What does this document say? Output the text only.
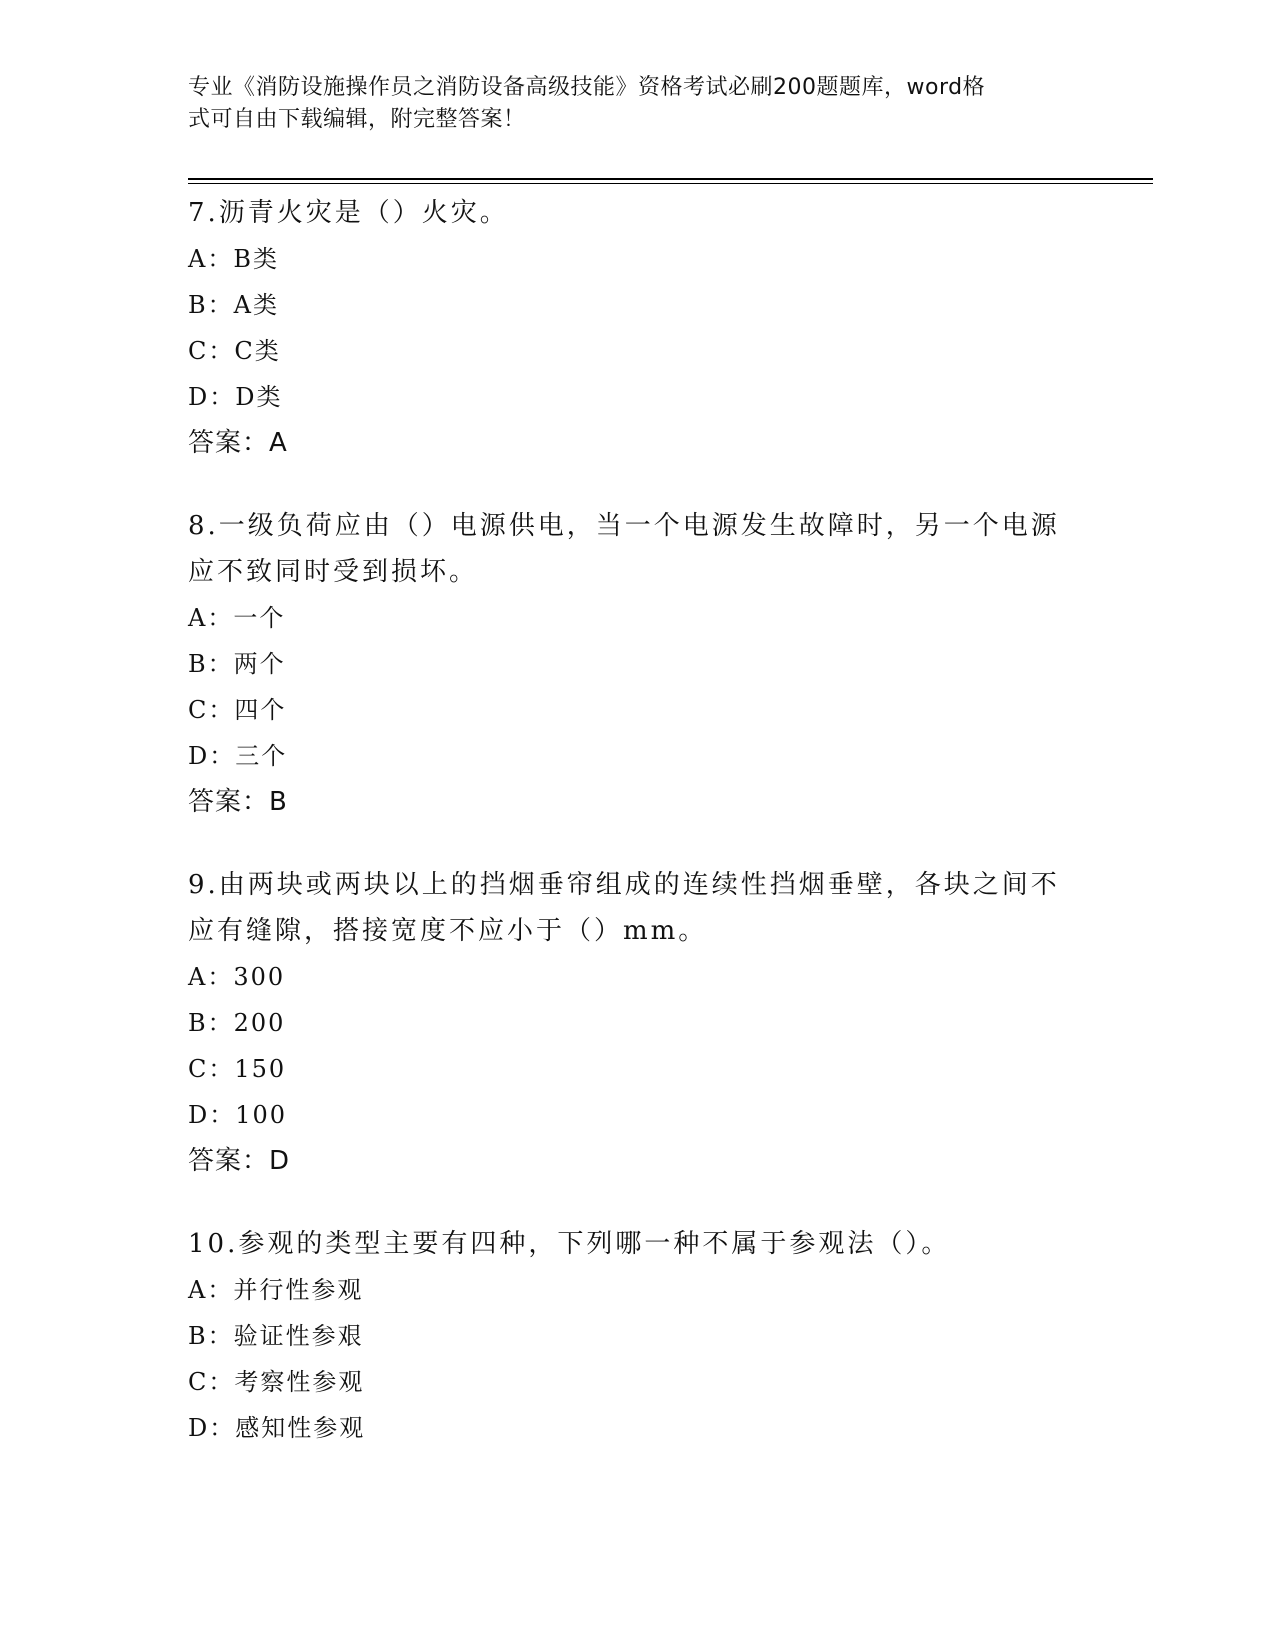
专业《消防设施操作员之消防设备高级技能》资格考试必刷200题题库，word格
式可自由下载编辑，附完整答案！
7.沥青火灾是（）火灾。
A： B类
B： A类
C： C类
D： D类
答案：A
8.一级负荷应由（）电源供电，当一个电源发生故障时，另一个电源
应不致同时受到损坏。
A： 一个
B： 两个
C： 四个
D： 三个
答案：B
9.由两块或两块以上的挡烟垂帘组成的连续性挡烟垂壁，各块之间不
应有缝隙，搭接宽度不应小于（）mm。
A： 300
B： 200
C： 150
D： 100
答案：D
10.参观的类型主要有四种，下列哪一种不属于参观法（）。
A： 并行性参观
B： 验证性参艰
C： 考察性参观
D： 感知性参观
